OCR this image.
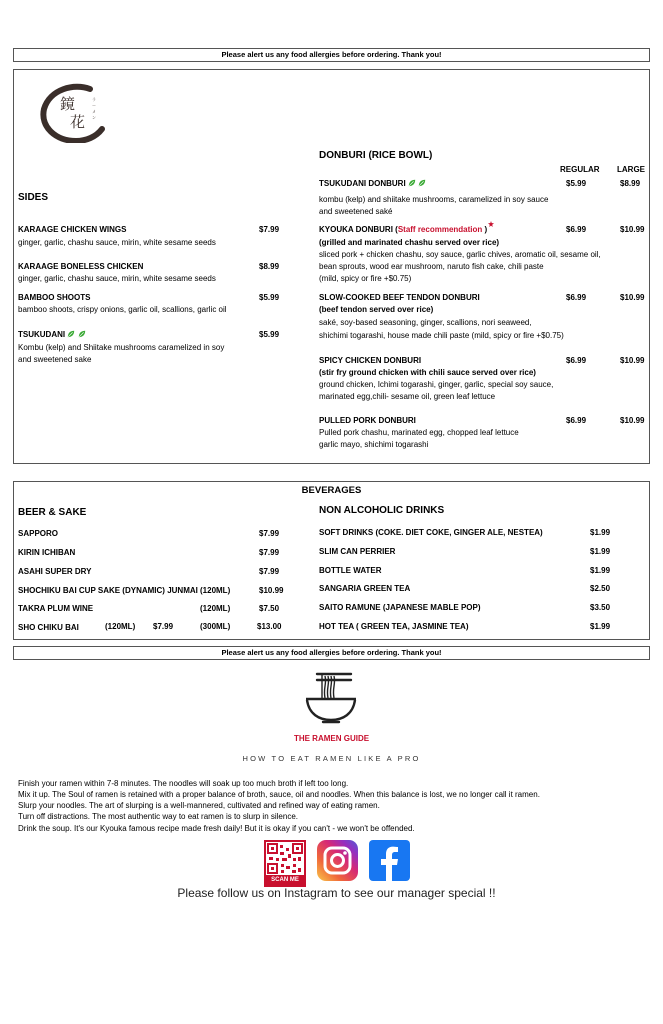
Please alert us any food allergies before ordering. Thank you!
鏡
花
ラ
ー
メ
ン
SIDES
KARAAGE CHICKEN WINGS	$7.99
ginger, garlic, chashu sauce, mirin, white sesame seeds
KARAAGE BONELESS CHICKEN	$8.99
ginger, garlic, chashu sauce, mirin, white sesame seeds
BAMBOO SHOOTS	$5.99
bamboo shoots, crispy onions, garlic oil, scallions, garlic oil
TSUKUDANI
	$5.99
Kombu (kelp) and Shiitake mushrooms caramelized in soy
and sweetened sake
DONBURI (RICE BOWL)
REGULAR LARGE
TSUKUDANI DONBURI
	$5.99	$8.99
kombu (kelp) and shiitake mushrooms, caramelized in soy sauce
and sweetened saké
KYOUKA DONBURI (Staff recommendation )	$6.99	$10.99
(grilled and marinated chashu served over rice)
sliced pork + chicken chashu, soy sauce, garlic chives, aromatic oil, sesame oil,
bean sprouts, wood ear mushroom, naruto fish cake, chili paste
(mild, spicy or fire +$0.75)
SLOW-COOKED BEEF TENDON DONBURI	$6.99	$10.99
(beef tendon served over rice)
saké, soy-based seasoning, ginger, scallions, nori seaweed,
shichimi togarashi, house made chili paste (mild, spicy or fire +$0.75)
SPICY CHICKEN DONBURI	$6.99	$10.99
(stir fry ground chicken with chili sauce served over rice)
ground chicken, Ichimi togarashi, ginger, garlic, special soy sauce,
marinated egg,chili- sesame oil, green leaf lettuce
PULLED PORK DONBURI	$6.99	$10.99
Pulled pork chashu, marinated egg, chopped leaf lettuce
garlic mayo, shichimi togarashi
BEVERAGES
BEER & SAKE
SAPPORO	$7.99
KIRIN ICHIBAN	$7.99
ASAHI SUPER DRY	$7.99
SHOCHIKU BAI CUP SAKE (DYNAMIC) JUNMAI (120ML)	$10.99
TAKRA PLUM WINE	(120ML)	$7.50
SHO CHIKU BAI	(120ML) $7.99	(300ML)	$13.00
NON ALCOHOLIC DRINKS
SOFT DRINKS (COKE. DIET COKE, GINGER ALE, NESTEA)	$1.99
SLIM CAN PERRIER	$1.99
BOTTLE WATER	$1.99
SANGARIA GREEN TEA	$2.50
SAITO RAMUNE (JAPANESE MABLE POP)	$3.50
HOT TEA ( GREEN TEA, JASMINE TEA)	$1.99
Please alert us any food allergies before ordering. Thank you!
THE RAMEN GUIDE
HOW TO EAT RAMEN LIKE A PRO
Finish your ramen within 7-8 minutes. The noodles will soak up too much broth if left too long.
Mix it up. The Soul of ramen is retained with a proper balance of broth, sauce, oil and noodles. When this balance is lost, we no longer call it ramen.
Slurp your noodles. The art of slurping is a well-mannered, cultivated and refined way of eating ramen.
Turn off distractions. The most authentic way to eat ramen is to slurp in silence.
Drink the soup. It's our Kyouka famous recipe made fresh daily! But it is okay if you can't - we won't be offended.
SCAN ME
Please follow us on Instagram to see our manager special !!
